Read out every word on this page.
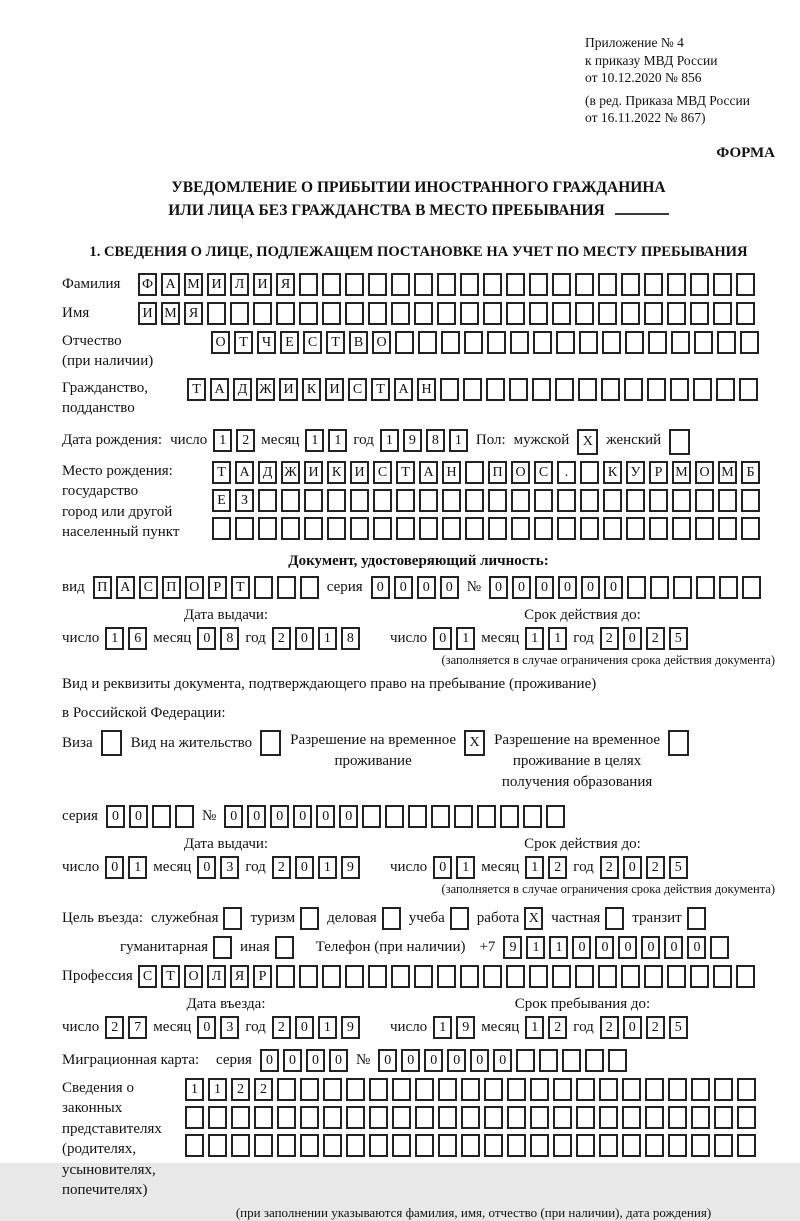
Приложение № 4
к приказу МВД России
от 10.12.2020 № 856
(в ред. Приказа МВД России
от 16.11.2022 № 867)
ФОРМА
УВЕДОМЛЕНИЕ О ПРИБЫТИИ ИНОСТРАННОГО ГРАЖДАНИНА
ИЛИ ЛИЦА БЕЗ ГРАЖДАНСТВА В МЕСТО ПРЕБЫВАНИЯ
1. СВЕДЕНИЯ О ЛИЦЕ, ПОДЛЕЖАЩЕМ ПОСТАНОВКЕ НА УЧЕТ ПО МЕСТУ ПРЕБЫВАНИЯ
Фамилия	Ф А М И Л И Я
Имя	И М Я
Отчество
(при наличии)
О Т	Ч	Е	С	Т	В О
Гражданство,
подданство
Т А Д Ж И К И С	Т А Н
Дата рождения: число 1	2 месяц 1	1 год 1	9	8	1 Пол: мужской X женский
Место рождения:
государство
город или другой
населенный пункт
Т А Д Ж И К И С	Т А Н	П О С	.	К У	Р М О М Б
Е	З
Документ, удостоверяющий личность:
вид П А С П О	Р	Т	серия	0	0	0	0 №	0	0	0	0	0	0
Дата выдачи:
число 1	6 месяц 0	8 год 2	0	1	8
Срок действия до:
число 0	1 месяц 1	1 год 2	0	2	5
(заполняется в случае ограничения срока действия документа)
Вид и реквизиты документа, подтверждающего право на пребывание (проживание)
в Российской Федерации:
Виза	Вид на жительство	Разрешение на временное
проживание
X Разрешение на временное
проживание в целях
получения образования
серия	0	0	№	0	0	0	0	0	0
Дата выдачи:
число 0	1 месяц 0	3 год 2	0	1	9
Срок действия до:
число 0	1 месяц 1	2 год 2	0	2	5
(заполняется в случае ограничения срока действия документа)
Цель въезда: служебная туризм деловая учеба работа X частная транзит
гуманитарная иная	Телефон (при наличии) +7	9	1	1	0	0	0	0	0	0
Профессия С	Т О Л Я	Р
Дата въезда:
число 2	7 месяц 0	3 год 2	0	1	9
Срок пребывания до:
число 1	9 месяц 1	2 год 2	0	2	5
Миграционная карта:	серия	0	0	0	0 №	0	0	0	0	0	0
Сведения о
законных
представителях
(родителях,
усыновителях,
попечителях)
1	1	2	2
(при заполнении указываются фамилия, имя, отчество (при наличии), дата рождения)
